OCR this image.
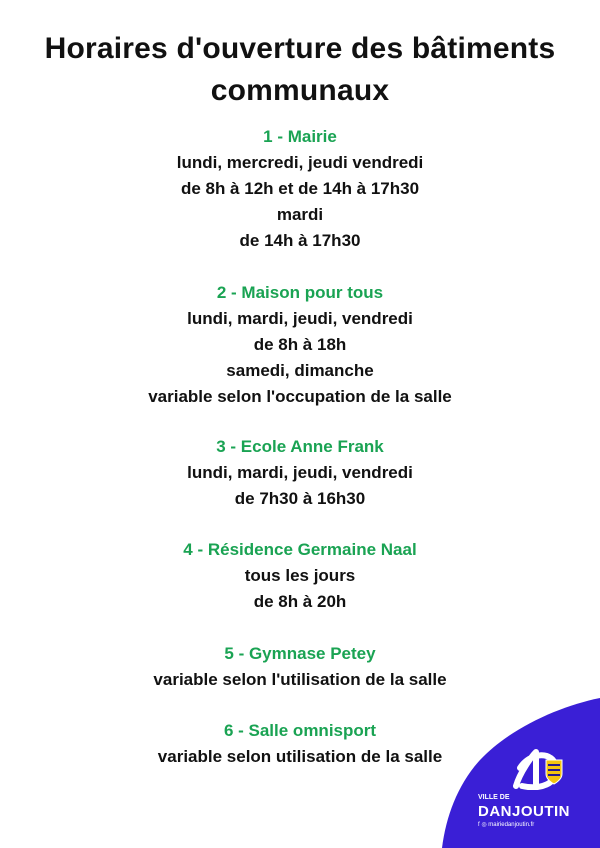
Horaires d'ouverture des bâtiments
communaux
1 - Mairie
lundi, mercredi, jeudi vendredi
de 8h à 12h et de 14h à 17h30
mardi
de 14h à 17h30
2 - Maison pour tous
lundi, mardi, jeudi, vendredi
de 8h à 18h
samedi, dimanche
variable selon l'occupation de la salle
3 - Ecole Anne Frank
lundi, mardi, jeudi, vendredi
de 7h30 à 16h30
4 - Résidence Germaine Naal
tous les jours
de 8h à 20h
5 - Gymnase Petey
variable selon l'utilisation de la salle
6 - Salle omnisport
variable selon utilisation de la salle
VILLE DE
DANJOUTIN
f ◎ mairiedanjoutin.fr
